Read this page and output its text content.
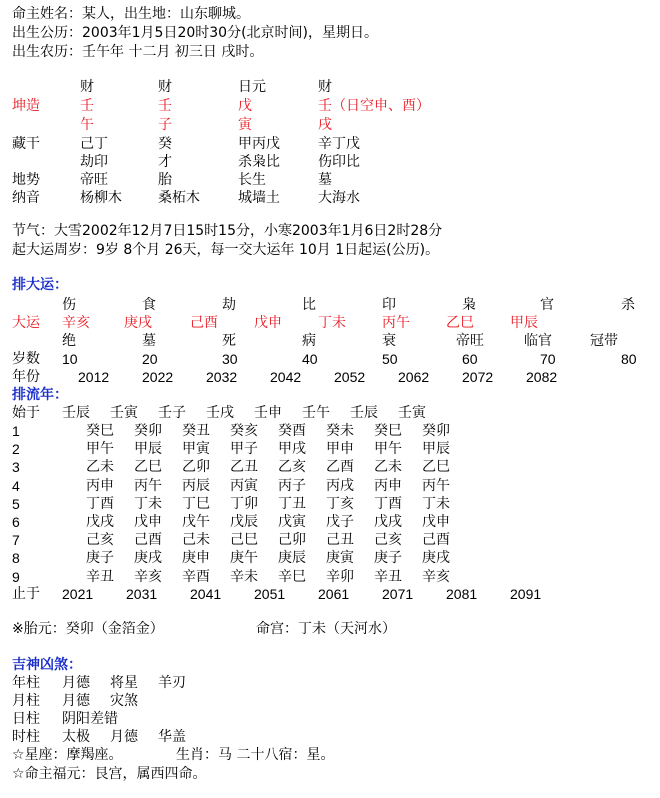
命主姓名：某人，出生地：山东聊城。
出生公历：2003年1月5日20时30分(北京时间)，星期日。
出生农历：壬午年 十二月 初三日 戌时。
财	财	日元	财
坤造	壬	壬	戊	壬（日空申、酉）
午	子	寅	戌
藏干	己丁	癸	甲丙戊	辛丁戊
劫印	才	杀枭比	伤印比
地势	帝旺	胎	长生	墓
纳音	杨柳木	桑柘木	城墙土	大海水
节气：大雪2002年12月7日15时15分，小寒2003年1月6日2时28分
起大运周岁：9岁 8个月 26天，每一交大运年 10月 1日起运(公历)。
排大运：
伤	食	劫	比	印	枭	官	杀
大运 辛亥 庚戌	己酉	戊申	丁未	丙午	乙巳	甲辰
绝	墓	死	病	衰	帝旺	临官	冠带
岁数 10	20	30	40	50	60	70	80
年份	2012 2022 2032 2042 2052 2062 2072 2082
排流年：
始于 壬辰 壬寅 壬子 壬戌 壬申 壬午 壬辰 壬寅
1	癸巳 癸卯 癸丑 癸亥 癸酉 癸未 癸巳 癸卯
2	甲午 甲辰 甲寅 甲子 甲戌 甲申 甲午 甲辰
3	乙未 乙巳 乙卯 乙丑 乙亥 乙酉 乙未 乙巳
4	丙申 丙午 丙辰 丙寅 丙子 丙戌 丙申 丙午
5	丁酉 丁未 丁巳 丁卯 丁丑 丁亥 丁酉 丁未
6	戊戌 戊申 戊午 戊辰 戊寅 戊子 戊戌 戊申
7	己亥 己酉 己未 己巳 己卯 己丑 己亥 己酉
8	庚子 庚戌 庚申 庚午 庚辰 庚寅 庚子 庚戌
9	辛丑 辛亥 辛酉 辛未 辛巳 辛卯 辛丑 辛亥
止于 2021 2031 2041 2051 2061 2071 2081 2091
※胎元：癸卯（金箔金）	命宫：丁未（天河水）
吉神凶煞：
年柱 月德 将星 羊刃
月柱 月德 灾煞
日柱 阴阳差错
时柱 太极 月德 华盖
☆星座：摩羯座。	生肖：马 二十八宿：星。
☆命主福元：艮宫，属西四命。
